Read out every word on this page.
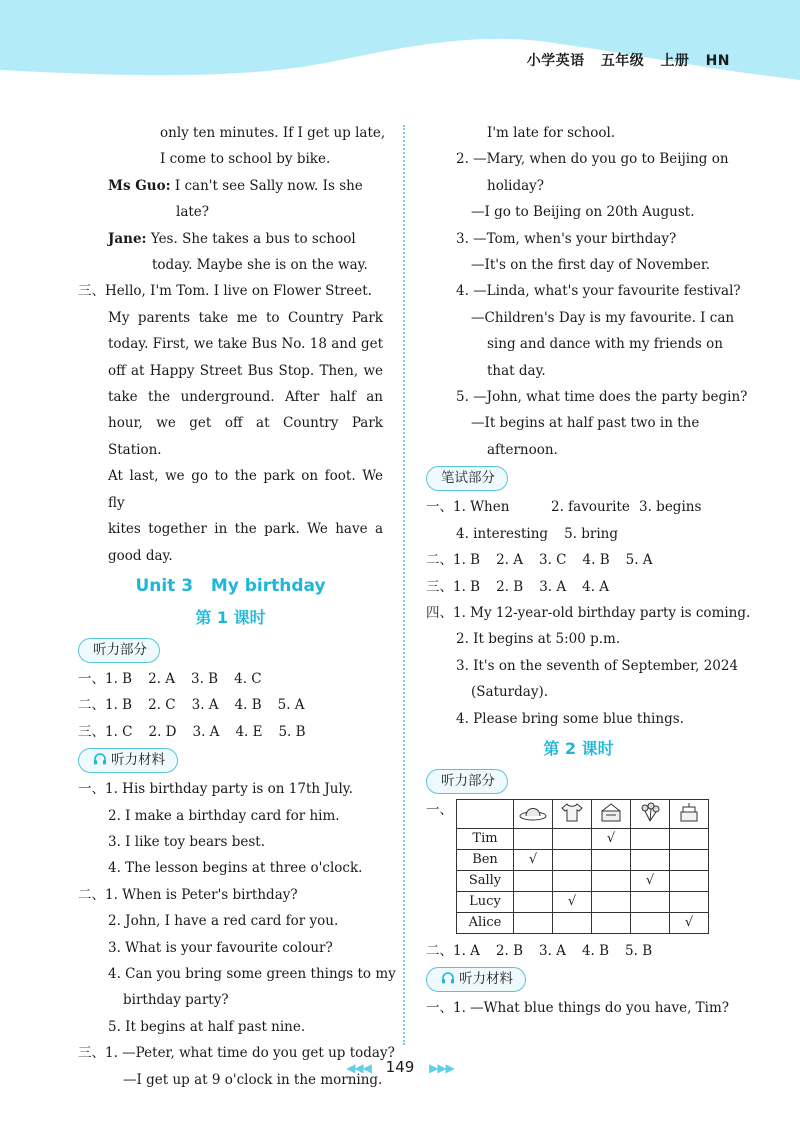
小学英语 五年级 上册 HN
only ten minutes. If I get up late,
I come to school by bike.
Ms Guo: I can't see Sally now. Is she
late?
Jane: Yes. She takes a bus to school
today. Maybe she is on the way.
三、Hello, I'm Tom. I live on Flower Street.
My parents take me to Country Park
today. First, we take Bus No. 18 and get
off at Happy Street Bus Stop. Then, we
take the underground. After half an
hour, we get off at Country Park Station.
At last, we go to the park on foot. We fly
kites together in the park. We have a
good day.
Unit 3   My birthday
第 1 课时
听力部分
一、1. B 2. A 3. B 4. C
二、1. B 2. C 3. A 4. B 5. A
三、1. C 2. D 3. A 4. E 5. B
听力材料
一、1. His birthday party is on 17th July.
2. I make a birthday card for him.
3. I like toy bears best.
4. The lesson begins at three o'clock.
二、1. When is Peter's birthday?
2. John, I have a red card for you.
3. What is your favourite colour?
4. Can you bring some green things to my
birthday party?
5. It begins at half past nine.
三、1. —Peter, what time do you get up today?
—I get up at 9 o'clock in the morning.
I'm late for school.
2. —Mary, when do you go to Beijing on
holiday?
—I go to Beijing on 20th August.
3. —Tom, when's your birthday?
—It's on the first day of November.
4. —Linda, what's your favourite festival?
—Children's Day is my favourite. I can
sing and dance with my friends on
that day.
5. —John, what time does the party begin?
—It begins at half past two in the
afternoon.
笔试部分
一、1. When	2. favourite 3. begins
4. interesting 5. bring
二、1. B 2. A 3. C 4. B 5. A
三、1. B 2. B 3. A 4. A
四、1. My 12-year-old birthday party is coming.
2. It begins at 5:00 p.m.
3. It's on the seventh of September, 2024
(Saturday).
4. Please bring some blue things.
第 2 课时
听力部分
一、

Tim			√		
Ben	√				
Sally				√	
Lucy		√			
Alice					√
二、1. A 2. B 3. A 4. B 5. B
听力材料
一、1. —What blue things do you have, Tim?
◀◀◀ 149 ▶▶▶
